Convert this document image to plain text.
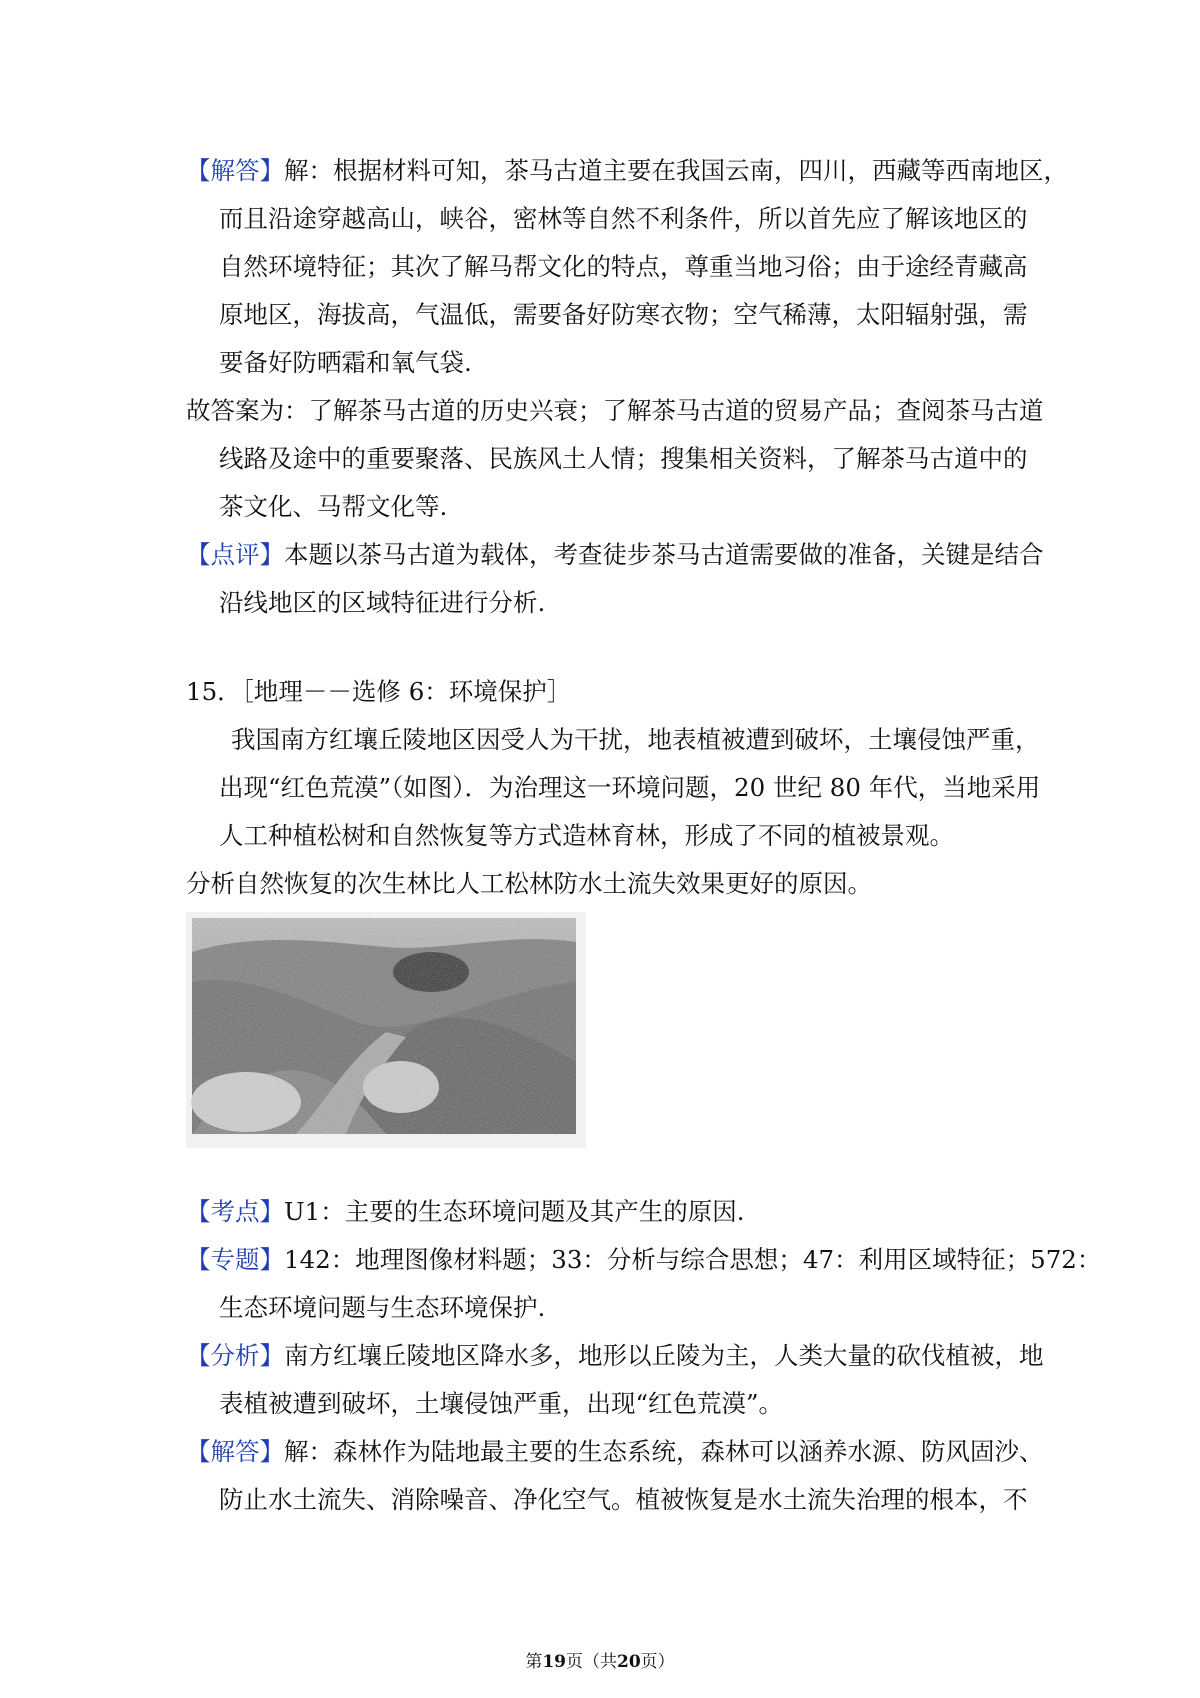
【解答】解：根据材料可知，茶马古道主要在我国云南，四川，西藏等西南地区，
而且沿途穿越高山，峡谷，密林等自然不利条件，所以首先应了解该地区的
自然环境特征；其次了解马帮文化的特点，尊重当地习俗；由于途经青藏高
原地区，海拔高，气温低，需要备好防寒衣物；空气稀薄，太阳辐射强，需
要备好防晒霜和氧气袋.
故答案为：了解茶马古道的历史兴衰；了解茶马古道的贸易产品；查阅茶马古道
线路及途中的重要聚落、民族风土人情；搜集相关资料，了解茶马古道中的
茶文化、马帮文化等.
【点评】本题以茶马古道为载体，考查徒步茶马古道需要做的准备，关键是结合
沿线地区的区域特征进行分析.
15．［地理－－选修 6：环境保护］
我国南方红壤丘陵地区因受人为干扰，地表植被遭到破坏，土壤侵蚀严重，
出现“红色荒漠”（如图）．为治理这一环境问题，20 世纪 80 年代，当地采用
人工种植松树和自然恢复等方式造林育林，形成了不同的植被景观。
分析自然恢复的次生林比人工松林防水土流失效果更好的原因。
【考点】U1：主要的生态环境问题及其产生的原因.
【专题】142：地理图像材料题；33：分析与综合思想；47：利用区域特征；572：
生态环境问题与生态环境保护.
【分析】南方红壤丘陵地区降水多，地形以丘陵为主，人类大量的砍伐植被，地
表植被遭到破坏，土壤侵蚀严重，出现“红色荒漠”。
【解答】解：森林作为陆地最主要的生态系统，森林可以涵养水源、防风固沙、
防止水土流失、消除噪音、净化空气。植被恢复是水土流失治理的根本，不
第19页（共20页）
